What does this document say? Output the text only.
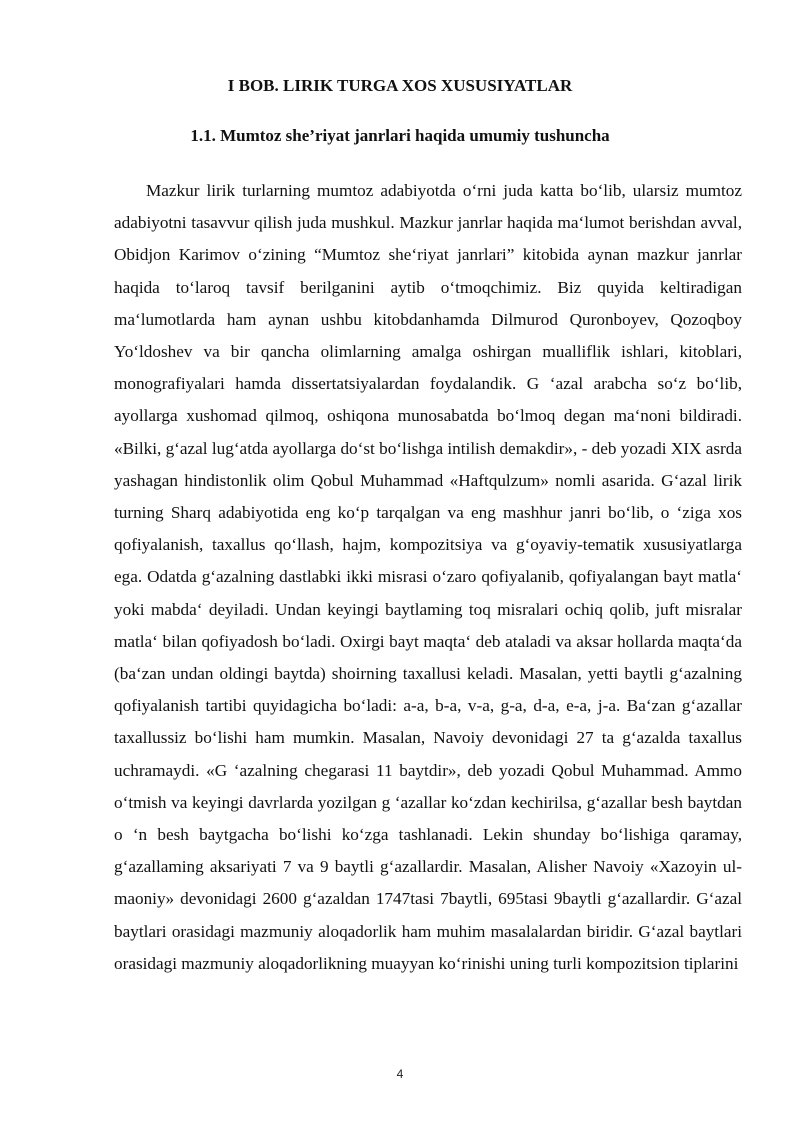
I BOB. LIRIK TURGA XOS XUSUSIYATLAR
1.1. Mumtoz she’riyat janrlari haqida umumiy tushuncha

Mazkur lirik turlarning mumtoz adabiyotda o‘rni juda katta bo‘lib, ularsiz mumtoz adabiyotni tasavvur qilish juda mushkul. Mazkur janrlar haqida ma‘lumot berishdan avval, Obidjon Karimov o‘zining “Mumtoz she‘riyat janrlari” kitobida aynan mazkur janrlar haqida to‘laroq tavsif berilganini aytib o‘tmoqchimiz. Biz quyida keltiradigan ma‘lumotlarda ham aynan ushbu kitobdanhamda Dilmurod Quronboyev, Qozoqboy Yo‘ldoshev va bir qancha olimlarning amalga oshirgan mualliflik ishlari, kitoblari, monografiyalari hamda dissertatsiyalardan foydalandik. G ‘azal arabcha so‘z bo‘lib, ayollarga xushomad qilmoq, oshiqona munosabatda bo‘lmoq degan ma‘noni bildiradi. «Bilki, g‘azal lug‘atda ayollarga do‘st bo‘lishga intilish demakdir», - deb yozadi XIX asrda yashagan hindistonlik olim Qobul Muhammad «Haftqulzum» nomli asarida. G‘azal lirik turning Sharq adabiyotida eng ko‘p tarqalgan va eng mashhur janri bo‘lib, o ‘ziga xos qofiyalanish, taxallus qo‘llash, hajm, kompozitsiya va g‘oyaviy-tematik xususiyatlarga ega. Odatda g‘azalning dastlabki ikki misrasi o‘zaro qofiyalanib, qofiyalangan bayt matla‘ yoki mabda‘ deyiladi. Undan keyingi baytlaming toq misralari ochiq qolib, juft misralar matla‘ bilan qofiyadosh bo‘ladi. Oxirgi bayt maqta‘ deb ataladi va aksar hollarda maqta‘da (ba‘zan undan oldingi baytda) shoirning taxallusi keladi. Masalan, yetti baytli g‘azalning qofiyalanish tartibi quyidagicha bo‘ladi: a-a, b-a, v-a, g-a, d-a, e-a, j-a. Ba‘zan g‘azallar taxallussiz bo‘lishi ham mumkin. Masalan, Navoiy devonidagi 27 ta g‘azalda taxallus uchramaydi. «G ‘azalning chegarasi 11 baytdir», deb yozadi Qobul Muhammad. Ammo o‘tmish va keyingi davrlarda yozilgan g ‘azallar ko‘zdan kechirilsa, g‘azallar besh baytdan o ‘n besh baytgacha bo‘lishi ko‘zga tashlanadi. Lekin shunday bo‘lishiga qaramay, g‘azallaming aksariyati 7 va 9 baytli g‘azallardir. Masalan, Alisher Navoiy «Xazoyin ul-maoniy» devonidagi 2600 g‘azaldan 1747tasi 7baytli, 695tasi 9baytli g‘azallardir. G‘azal baytlari orasidagi mazmuniy aloqadorlik ham muhim masalalardan biridir. G‘azal baytlari orasidagi mazmuniy aloqadorlikning muayyan ko‘rinishi uning turli kompozitsion tiplarini

4
